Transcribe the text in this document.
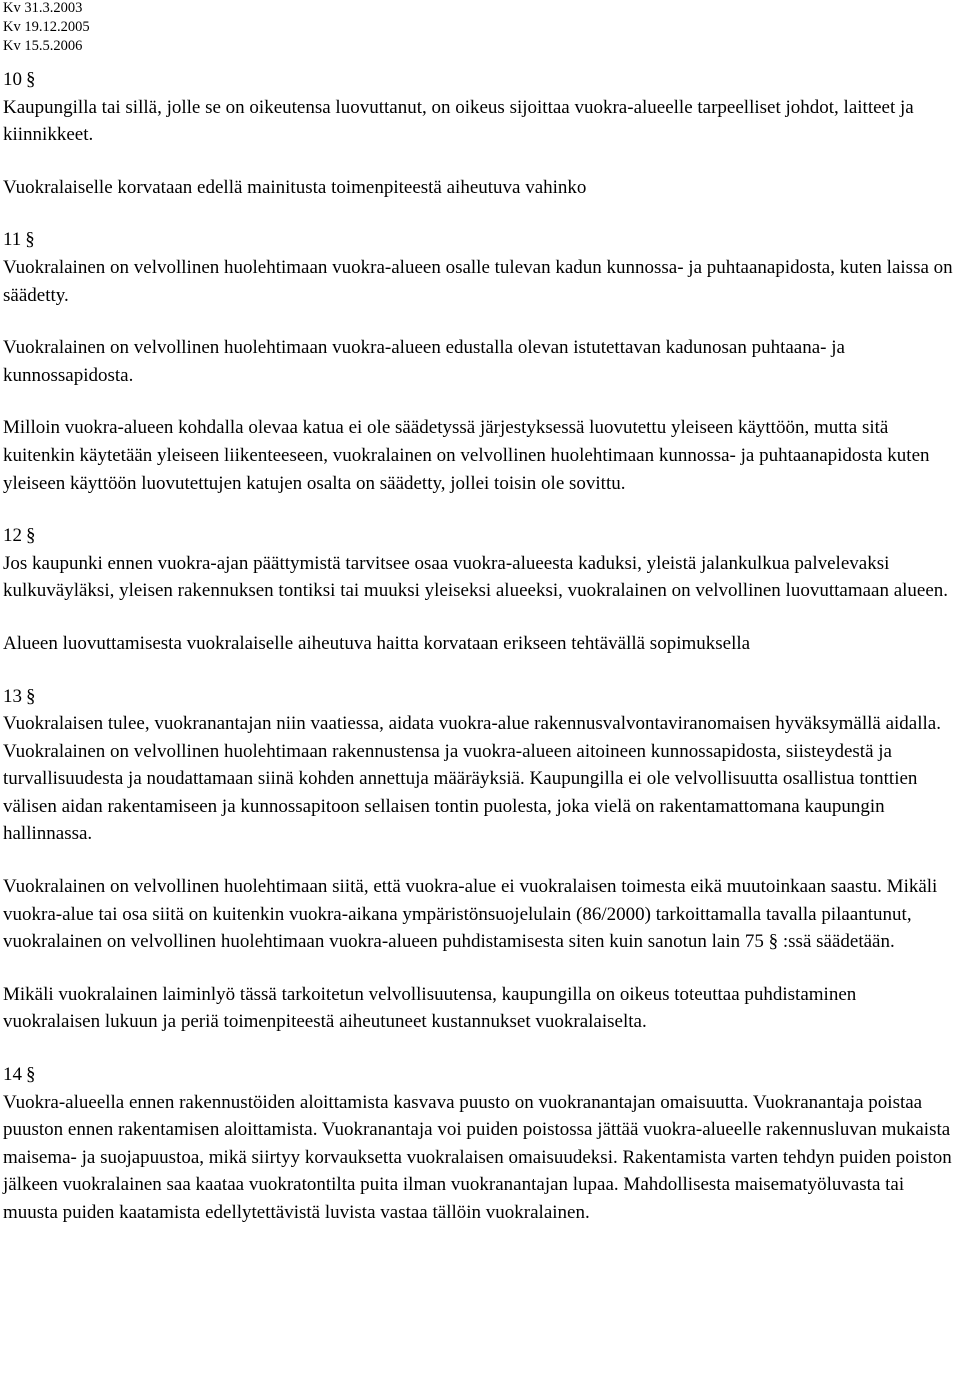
Kv 31.3.2003
Kv 19.12.2005
Kv 15.5.2006
10 §

Kaupungilla tai sillä, jolle se on oikeutensa luovuttanut, on oikeus sijoittaa vuokra-alueelle tarpeelliset johdot, laitteet ja kiinnikkeet.

Vuokralaiselle korvataan edellä mainitusta toimenpiteestä aiheutuva vahinko

11 §

Vuokralainen on velvollinen huolehtimaan vuokra-alueen osalle tulevan kadun kunnossa- ja puhtaanapidosta, kuten laissa on säädetty.

Vuokralainen on velvollinen huolehtimaan vuokra-alueen edustalla olevan istutettavan kadunosan puhtaana- ja kunnossapidosta.

Milloin vuokra-alueen kohdalla olevaa katua ei ole säädetyssä järjestyksessä luovutettu yleiseen käyttöön, mutta sitä kuitenkin käytetään yleiseen liikenteeseen, vuokralainen on velvollinen huolehtimaan kunnossa- ja puhtaanapidosta kuten yleiseen käyttöön luovutettujen katujen osalta on säädetty, jollei toisin ole sovittu.

12 §

Jos kaupunki ennen vuokra-ajan päättymistä tarvitsee osaa vuokra-alueesta kaduksi, yleistä jalankulkua palvelevaksi kulkuväyläksi, yleisen rakennuksen tontiksi tai muuksi yleiseksi alueeksi, vuokralainen on velvollinen luovuttamaan alueen.

Alueen luovuttamisesta vuokralaiselle aiheutuva haitta korvataan erikseen tehtävällä sopimuksella

13 §

Vuokralaisen tulee, vuokranantajan niin vaatiessa, aidata vuokra-alue rakennusvalvontaviranomaisen hyväksymällä aidalla. Vuokralainen on velvollinen huolehtimaan rakennustensa ja vuokra-alueen aitoineen kunnossapidosta, siisteydestä ja turvallisuudesta ja noudattamaan siinä kohden annettuja määräyksiä. Kaupungilla ei ole velvollisuutta osallistua tonttien välisen aidan rakentamiseen ja kunnossapitoon sellaisen tontin puolesta, joka vielä on rakentamattomana kaupungin hallinnassa.

Vuokralainen on velvollinen huolehtimaan siitä, että vuokra-alue ei vuokralaisen toimesta eikä muutoinkaan saastu. Mikäli vuokra-alue tai osa siitä on kuitenkin vuokra-aikana ympäristönsuojelulain (86/2000) tarkoittamalla tavalla pilaantunut, vuokralainen on velvollinen huolehtimaan vuokra-alueen puhdistamisesta siten kuin sanotun lain 75 § :ssä säädetään.

Mikäli vuokralainen laiminlyö tässä tarkoitetun velvollisuutensa, kaupungilla on oikeus toteuttaa puhdistaminen vuokralaisen lukuun ja periä toimenpiteestä aiheutuneet kustannukset vuokralaiselta.

14 §

Vuokra-alueella ennen rakennustöiden aloittamista kasvava puusto on vuokranantajan omaisuutta. Vuokranantaja poistaa puuston ennen rakentamisen aloittamista. Vuokranantaja voi puiden poistossa jättää vuokra-alueelle rakennusluvan mukaista maisema- ja suojapuustoa, mikä siirtyy korvauksetta vuokralaisen omaisuudeksi. Rakentamista varten tehdyn puiden poiston jälkeen vuokralainen saa kaataa vuokratontilta puita ilman vuokranantajan lupaa. Mahdollisesta maisematyöluvasta tai muusta puiden kaatamista edellytettävistä luvista vastaa tällöin vuokralainen.
